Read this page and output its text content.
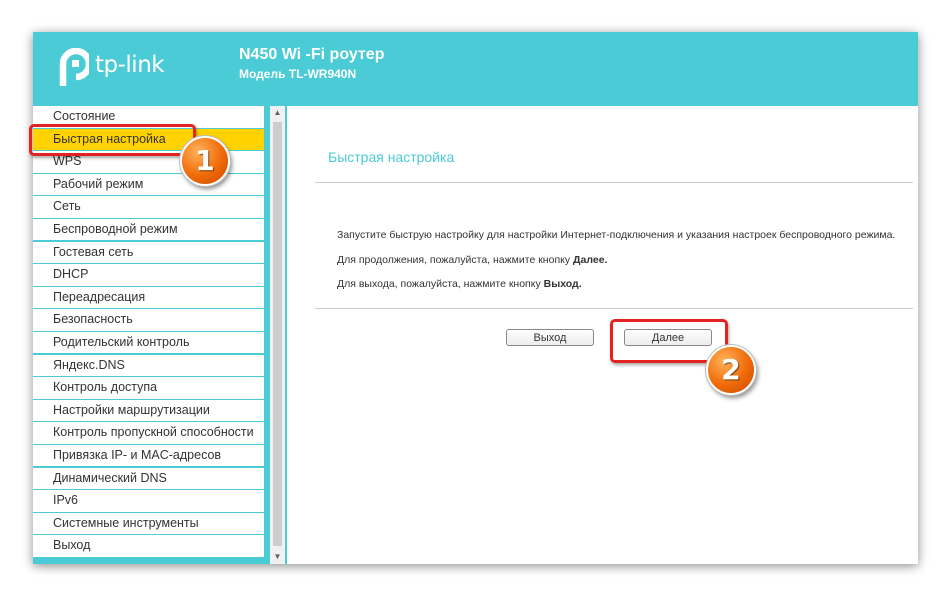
tp-link	N450 Wi -Fi роутер
Модель TL-WR940N
Состояние
Быстрая настройка
WPS
Рабочий режим
Сеть
Беспроводной режим
Гостевая сеть
DHCP
Переадресация
Безопасность
Родительский контроль
Яндекс.DNS
Контроль доступа
Настройки маршрутизации
Контроль пропускной способности
Привязка IP- и MAC-адресов
Динамический DNS
IPv6
Системные инструменты
Выход
▲
▼
Быстрая настройка
Запустите быструю настройку для настройки Интернет-подключения и указания настроек беспроводного режима.
Для продолжения, пожалуйста, нажмите кнопку Далее.
Для выхода, пожалуйста, нажмите кнопку Выход.
Выход	Далее
1
2
